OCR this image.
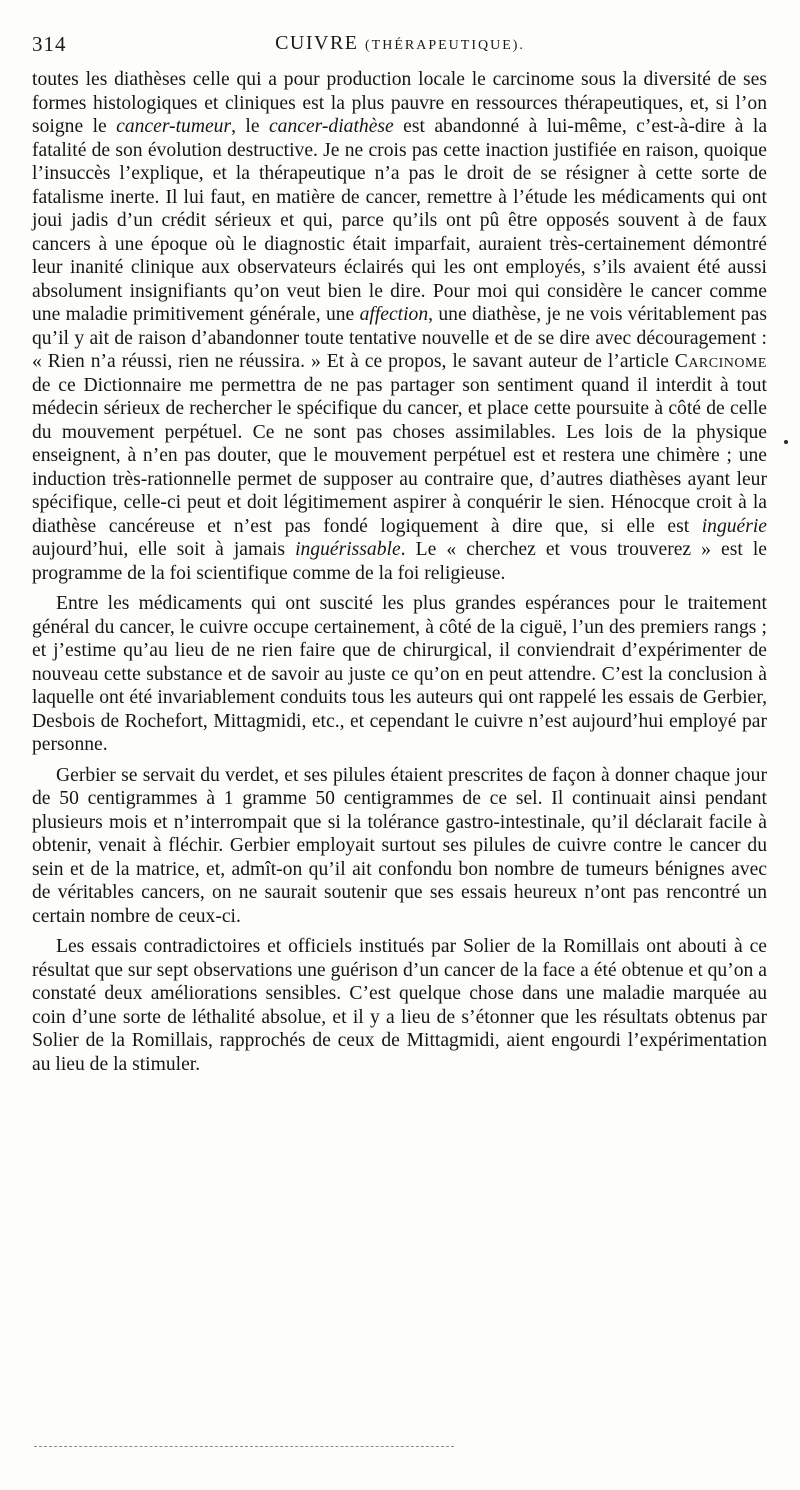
314	CUIVRE (THÉRAPEUTIQUE).

toutes les diathèses celle qui a pour production locale le carcinome sous la diversité de ses formes histologiques et cliniques est la plus pauvre en ressources thérapeutiques, et, si l’on soigne le cancer-tumeur, le cancer-diathèse est abandonné à lui-même, c’est-à-dire à la fatalité de son évolution destructive. Je ne crois pas cette inaction justifiée en raison, quoique l’insuccès l’explique, et la thérapeutique n’a pas le droit de se résigner à cette sorte de fatalisme inerte. Il lui faut, en matière de cancer, remettre à l’étude les médicaments qui ont joui jadis d’un crédit sérieux et qui, parce qu’ils ont pû être opposés souvent à de faux cancers à une époque où le diagnostic était imparfait, auraient très-certainement démontré leur inanité clinique aux observateurs éclairés qui les ont employés, s’ils avaient été aussi absolument insignifiants qu’on veut bien le dire. Pour moi qui considère le cancer comme une maladie primitivement générale, une affection, une diathèse, je ne vois véritablement pas qu’il y ait de raison d’abandonner toute tentative nouvelle et de se dire avec découragement : « Rien n’a réussi, rien ne réussira. » Et à ce propos, le savant auteur de l’article Carcinome de ce Dictionnaire me permettra de ne pas partager son sentiment quand il interdit à tout médecin sérieux de rechercher le spécifique du cancer, et place cette poursuite à côté de celle du mouvement perpétuel. Ce ne sont pas choses assimilables. Les lois de la physique enseignent, à n’en pas douter, que le mouvement perpétuel est et restera une chimère ; une induction très-rationnelle permet de supposer au contraire que, d’autres diathèses ayant leur spécifique, celle-ci peut et doit légitimement aspirer à conquérir le sien. Hénocque croit à la diathèse cancéreuse et n’est pas fondé logiquement à dire que, si elle est inguérie aujourd’hui, elle soit à jamais inguérissable. Le « cherchez et vous trouverez » est le programme de la foi scientifique comme de la foi religieuse.

Entre les médicaments qui ont suscité les plus grandes espérances pour le traitement général du cancer, le cuivre occupe certainement, à côté de la ciguë, l’un des premiers rangs ; et j’estime qu’au lieu de ne rien faire que de chirurgical, il conviendrait d’expérimenter de nouveau cette substance et de savoir au juste ce qu’on en peut attendre. C’est la conclusion à laquelle ont été invariablement conduits tous les auteurs qui ont rappelé les essais de Gerbier, Desbois de Rochefort, Mittagmidi, etc., et cependant le cuivre n’est aujourd’hui employé par personne.

Gerbier se servait du verdet, et ses pilules étaient prescrites de façon à donner chaque jour de 50 centigrammes à 1 gramme 50 centigrammes de ce sel. Il continuait ainsi pendant plusieurs mois et n’interrompait que si la tolérance gastro-intestinale, qu’il déclarait facile à obtenir, venait à fléchir. Gerbier employait surtout ses pilules de cuivre contre le cancer du sein et de la matrice, et, admît-on qu’il ait confondu bon nombre de tumeurs bénignes avec de véritables cancers, on ne saurait soutenir que ses essais heureux n’ont pas rencontré un certain nombre de ceux-ci.

Les essais contradictoires et officiels institués par Solier de la Romillais ont abouti à ce résultat que sur sept observations une guérison d’un cancer de la face a été obtenue et qu’on a constaté deux améliorations sensibles. C’est quelque chose dans une maladie marquée au coin d’une sorte de léthalité absolue, et il y a lieu de s’étonner que les résultats obtenus par Solier de la Romillais, rapprochés de ceux de Mittagmidi, aient engourdi l’expérimentation au lieu de la stimuler.
